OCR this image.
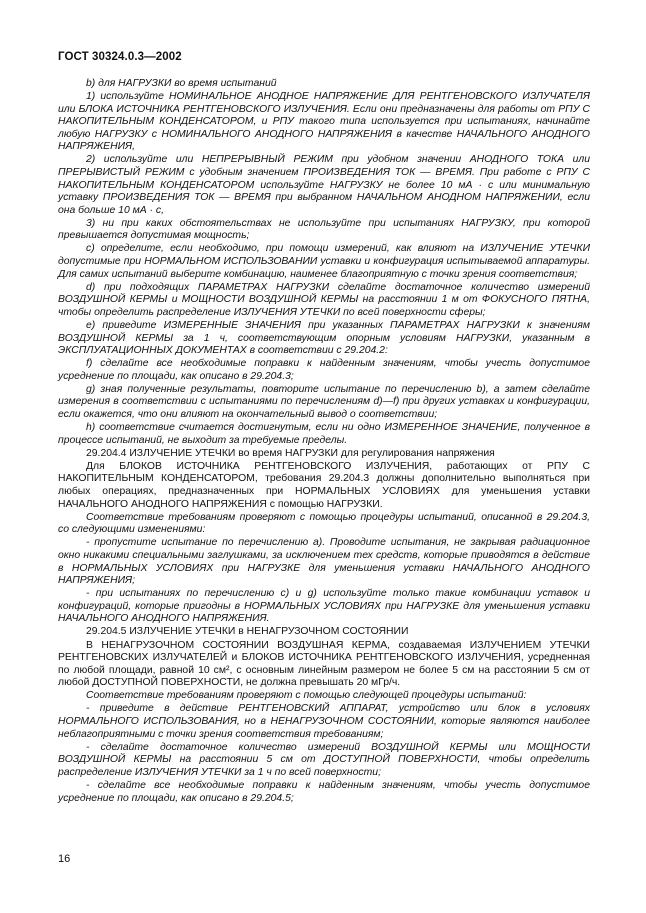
ГОСТ 30324.0.3—2002

b) для НАГРУЗКИ во время испытаний

1) используйте НОМИНАЛЬНОЕ АНОДНОЕ НАПРЯЖЕНИЕ ДЛЯ РЕНТГЕНОВСКОГО ИЗЛУЧАТЕЛЯ или БЛОКА ИСТОЧНИКА РЕНТГЕНОВСКОГО ИЗЛУЧЕНИЯ. Если они предназначены для работы от РПУ С НАКОПИТЕЛЬНЫМ КОНДЕНСАТОРОМ, и РПУ такого типа используется при испытаниях, начинайте любую НАГРУЗКУ с НОМИНАЛЬНОГО АНОДНОГО НАПРЯЖЕНИЯ в качестве НАЧАЛЬНОГО АНОДНОГО НАПРЯЖЕНИЯ,

2) используйте или НЕПРЕРЫВНЫЙ РЕЖИМ при удобном значении АНОДНОГО ТОКА или ПРЕРЫВИСТЫЙ РЕЖИМ с удобным значением ПРОИЗВЕДЕНИЯ ТОК — ВРЕМЯ. При работе с РПУ С НАКОПИТЕЛЬНЫМ КОНДЕНСАТОРОМ используйте НАГРУЗКУ не более 10 мА · с или минимальную уставку ПРОИЗВЕДЕНИЯ ТОК — ВРЕМЯ при выбранном НАЧАЛЬНОМ АНОДНОМ НАПРЯЖЕНИИ, если она больше 10 мА · с,

3) ни при каких обстоятельствах не используйте при испытаниях НАГРУЗКУ, при которой превышается допустимая мощность;

c) определите, если необходимо, при помощи измерений, как влияют на ИЗЛУЧЕНИЕ УТЕЧКИ допустимые при НОРМАЛЬНОМ ИСПОЛЬЗОВАНИИ уставки и конфигурация испытываемой аппаратуры. Для самих испытаний выберите комбинацию, наименее благоприятную с точки зрения соответствия;

d) при подходящих ПАРАМЕТРАХ НАГРУЗКИ сделайте достаточное количество измерений ВОЗДУШНОЙ КЕРМЫ и МОЩНОСТИ ВОЗДУШНОЙ КЕРМЫ на расстоянии 1 м от ФОКУСНОГО ПЯТНА, чтобы определить распределение ИЗЛУЧЕНИЯ УТЕЧКИ по всей поверхности сферы;

e) приведите ИЗМЕРЕННЫЕ ЗНАЧЕНИЯ при указанных ПАРАМЕТРАХ НАГРУЗКИ к значениям ВОЗДУШНОЙ КЕРМЫ за 1 ч, соответствующим опорным условиям НАГРУЗКИ, указанным в ЭКСПЛУАТАЦИОННЫХ ДОКУМЕНТАХ в соответствии с 29.204.2:

f) сделайте все необходимые поправки к найденным значениям, чтобы учесть допустимое усреднение по площади, как описано в 29.204.3;

g) зная полученные результаты, повторите испытание по перечислению b), а затем сделайте измерения в соответствии с испытаниями по перечислениям d)—f) при других уставках и конфигурации, если окажется, что они влияют на окончательный вывод о соответствии;

h) соответствие считается достигнутым, если ни одно ИЗМЕРЕННОЕ ЗНАЧЕНИЕ, полученное в процессе испытаний, не выходит за требуемые пределы.

29.204.4 ИЗЛУЧЕНИЕ УТЕЧКИ во время НАГРУЗКИ для регулирования напряжения

Для БЛОКОВ ИСТОЧНИКА РЕНТГЕНОВСКОГО ИЗЛУЧЕНИЯ, работающих от РПУ С НАКОПИТЕЛЬНЫМ КОНДЕНСАТОРОМ, требования 29.204.3 должны дополнительно выполняться при любых операциях, предназначенных при НОРМАЛЬНЫХ УСЛОВИЯХ для уменьшения уставки НАЧАЛЬНОГО АНОДНОГО НАПРЯЖЕНИЯ с помощью НАГРУЗКИ.

Соответствие требованиям проверяют с помощью процедуры испытаний, описанной в 29.204.3, со следующими изменениями:

- пропустите испытание по перечислению а). Проводите испытания, не закрывая радиационное окно никакими специальными заглушками, за исключением тех средств, которые приводятся в действие в НОРМАЛЬНЫХ УСЛОВИЯХ при НАГРУЗКЕ для уменьшения уставки НАЧАЛЬНОГО АНОДНОГО НАПРЯЖЕНИЯ;

- при испытаниях по перечислению с) и g) используйте только такие комбинации уставок и конфигураций, которые пригодны в НОРМАЛЬНЫХ УСЛОВИЯХ при НАГРУЗКЕ для уменьшения уставки НАЧАЛЬНОГО АНОДНОГО НАПРЯЖЕНИЯ.

29.204.5 ИЗЛУЧЕНИЕ УТЕЧКИ в НЕНАГРУЗОЧНОМ СОСТОЯНИИ

В НЕНАГРУЗОЧНОМ СОСТОЯНИИ ВОЗДУШНАЯ КЕРМА, создаваемая ИЗЛУЧЕНИЕМ УТЕЧКИ РЕНТГЕНОВСКИХ ИЗЛУЧАТЕЛЕЙ и БЛОКОВ ИСТОЧНИКА РЕНТГЕНОВСКОГО ИЗЛУЧЕНИЯ, усредненная по любой площади, равной 10 см², с основным линейным размером не более 5 см на расстоянии 5 см от любой ДОСТУПНОЙ ПОВЕРХНОСТИ, не должна превышать 20 мГр/ч.

Соответствие требованиям проверяют с помощью следующей процедуры испытаний:

- приведите в действие РЕНТГЕНОВСКИЙ АППАРАТ, устройство или блок в условиях НОРМАЛЬНОГО ИСПОЛЬЗОВАНИЯ, но в НЕНАГРУЗОЧНОМ СОСТОЯНИИ, которые являются наиболее неблагоприятными с точки зрения соответствия требованиям;

- сделайте достаточное количество измерений ВОЗДУШНОЙ КЕРМЫ или МОЩНОСТИ ВОЗДУШНОЙ КЕРМЫ на расстоянии 5 см от ДОСТУПНОЙ ПОВЕРХНОСТИ, чтобы определить распределение ИЗЛУЧЕНИЯ УТЕЧКИ за 1 ч по всей поверхности;

- сделайте все необходимые поправки к найденным значениям, чтобы учесть допустимое усреднение по площади, как описано в 29.204.5;

16
